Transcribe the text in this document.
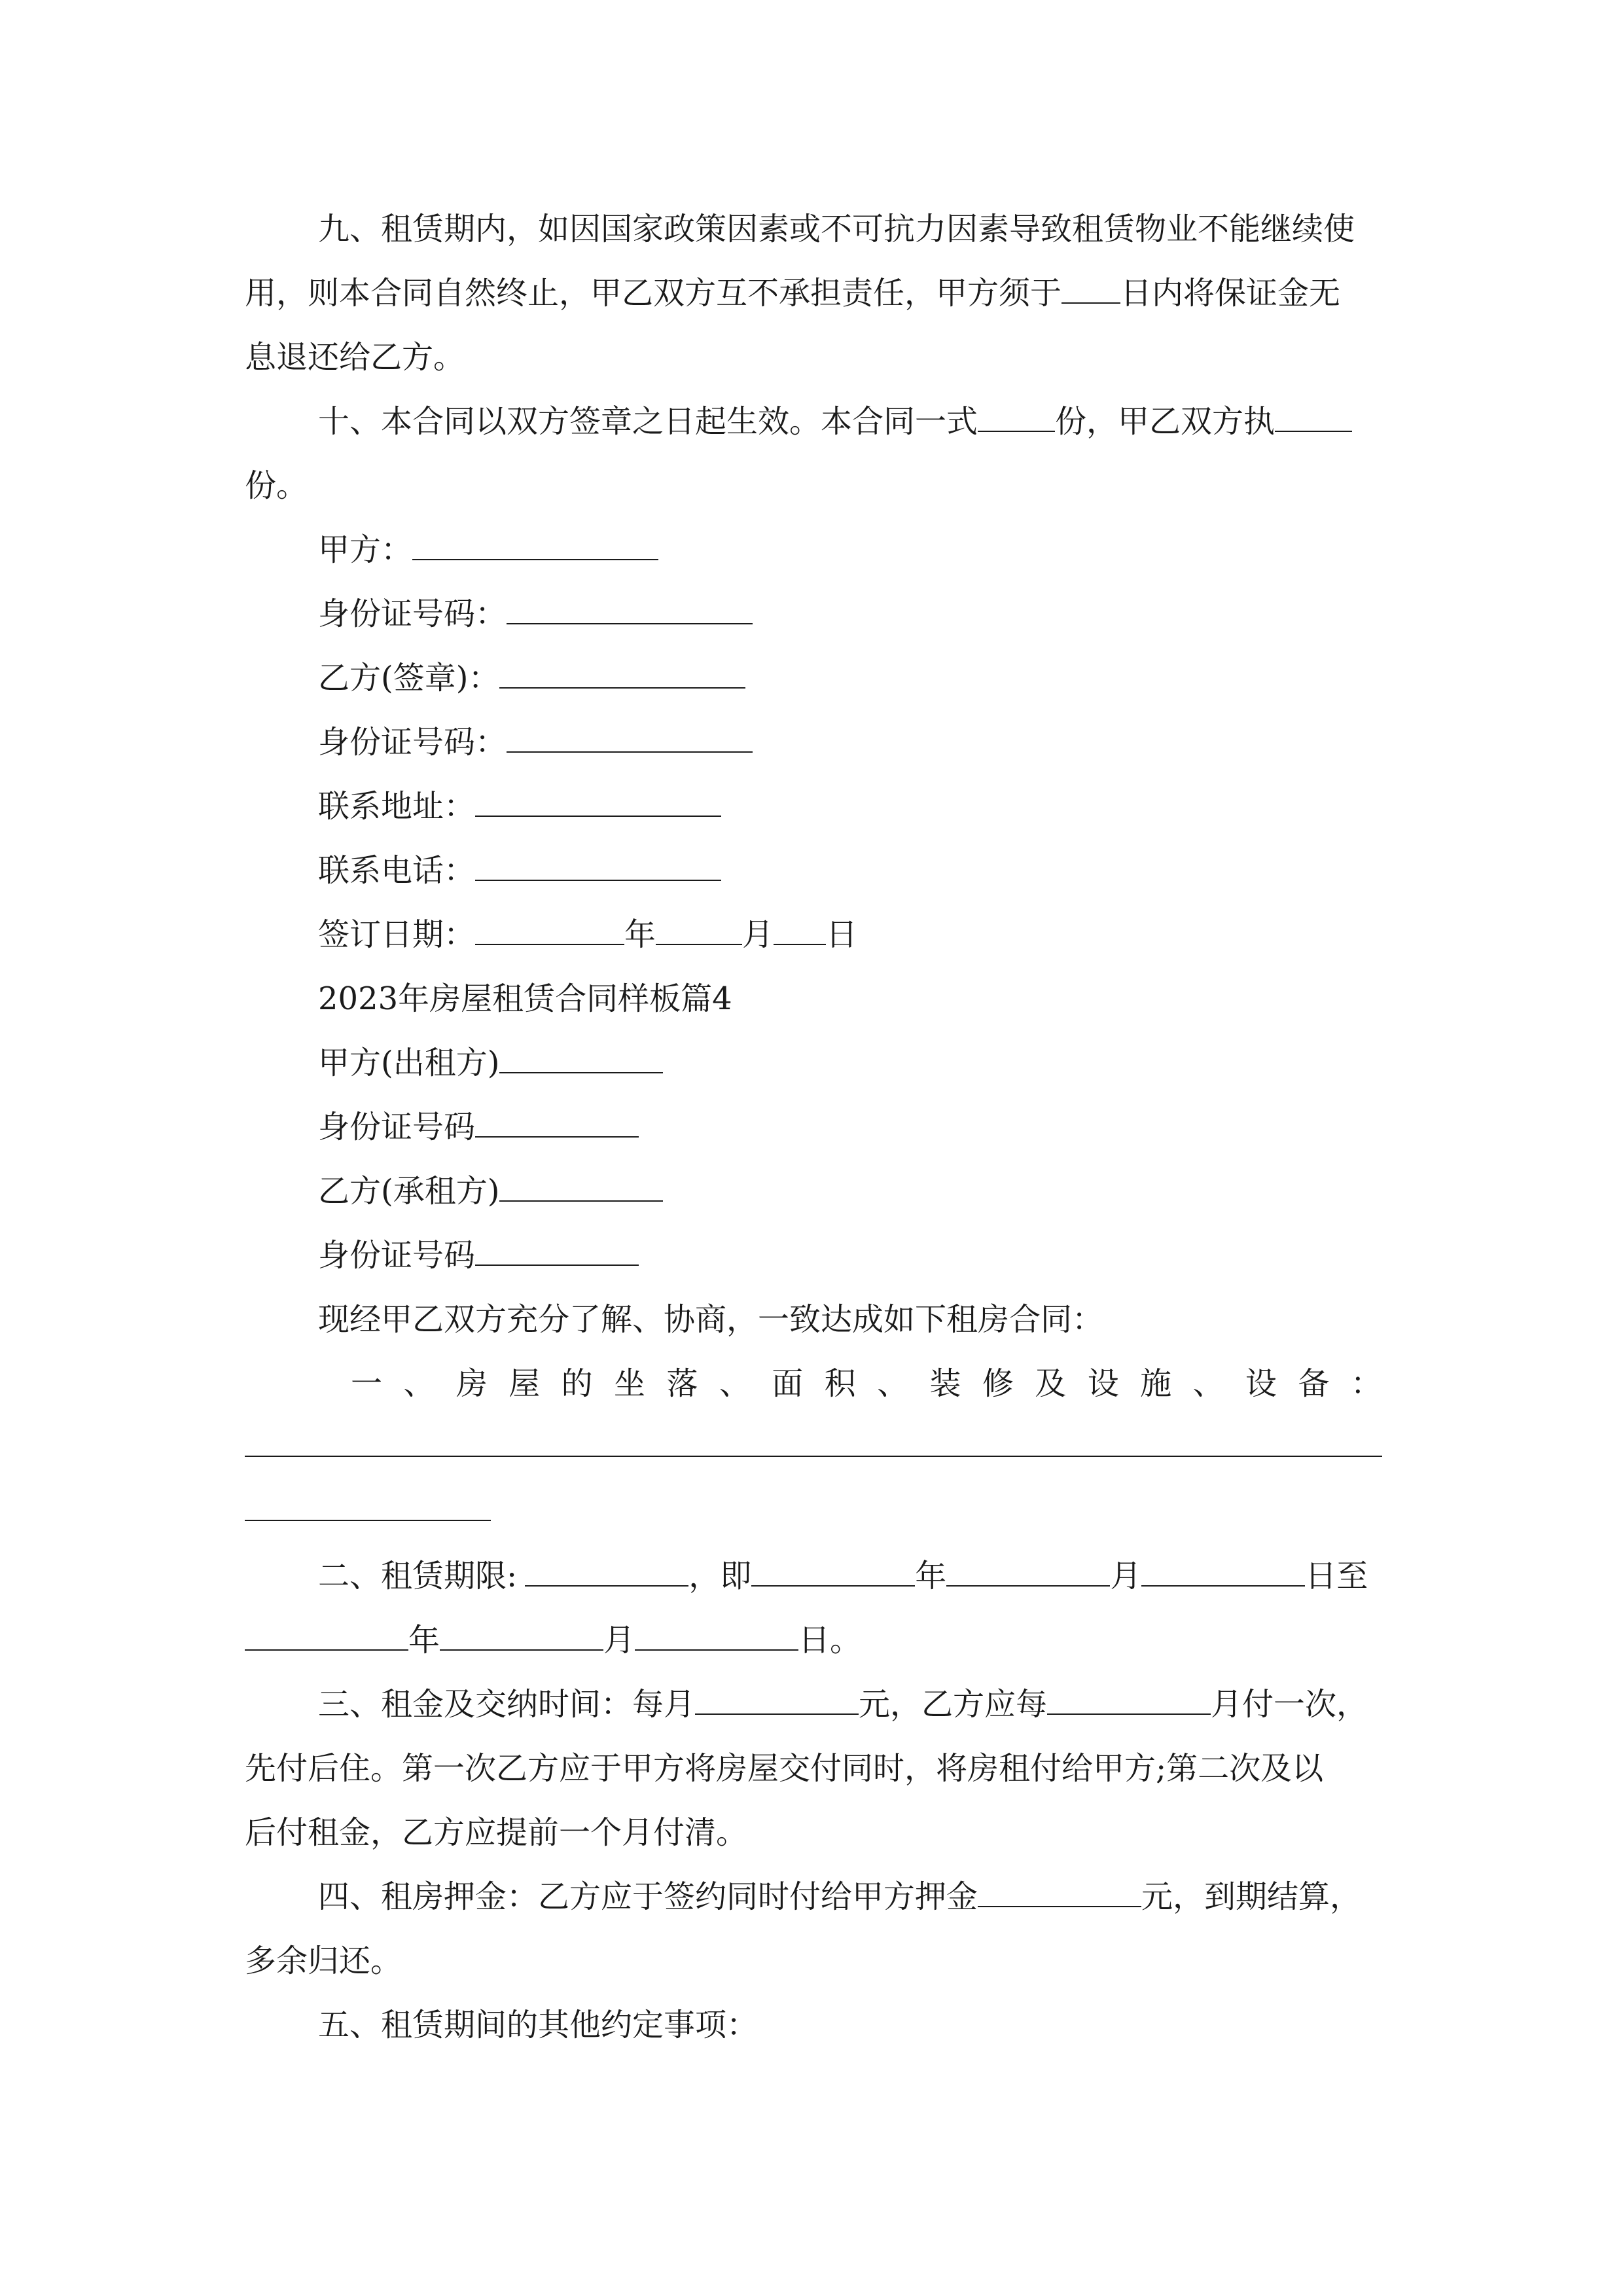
九、租赁期内，如因国家政策因素或不可抗力因素导致租赁物业不能继续使
用，则本合同自然终止，甲乙双方互不承担责任，甲方须于 日内将保证金无
息退还给乙方。
十、本合同以双方签章之日起生效。本合同一式 份，甲乙双方执
份。
甲方：
身份证号码：
乙方(签章)：
身份证号码：
联系地址：
联系电话：
签订日期：	年	月 日
2023年房屋租赁合同样板篇4
甲方(出租方)
身份证号码
乙方(承租方)
身份证号码
现经甲乙双方充分了解、协商，一致达成如下租房合同：
一 、 房 屋 的 坐 落 、 面 积 、 装 修 及 设 施 、 设 备 ：
二、租赁期限:	，即	年	月	日至
年	月	日。
三、租金及交纳时间：每月	元，乙方应每	月付一次，
先付后住。第一次乙方应于甲方将房屋交付同时，将房租付给甲方;第二次及以
后付租金，乙方应提前一个月付清。
四、租房押金：乙方应于签约同时付给甲方押金	元，到期结算，
多余归还。
五、租赁期间的其他约定事项：
